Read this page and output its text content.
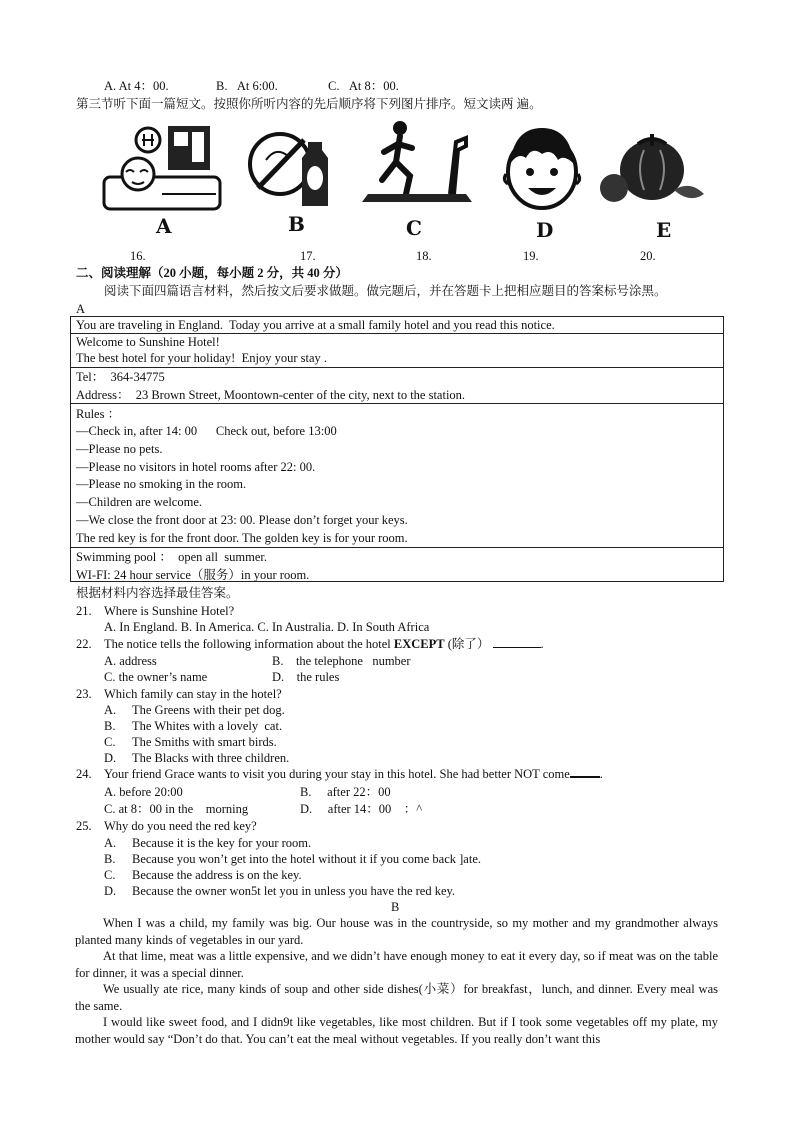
A. At 4：00.	B.   At 6:00.	C.   At 8：00.
第三节听下面一篇短文。按照你所听内容的先后顺序将下列图片排序。短文读两 遍。
A
16.
B
17.
C
18.
D
19.
E
20.
二、阅读理解（20 小题，每小题 2 分，共 40 分）
阅读下面四篇语言材料，然后按文后要求做题。做完题后，并在答题卡上把相应题目的答案标号涂黑。
A
You are traveling in England.  Today you arrive at a small family hotel and you read this notice.
Welcome to Sunshine Hotel!
The best hotel for your holiday!  Enjoy your stay .
Tel：  364-34775
Address：  23 Brown Street, Moontown-center of the city, next to the station.
Rules ：
—Check in, after 14: 00      Check out, before 13:00
—Please no pets.
—Please no visitors in hotel rooms after 22: 00.
—Please no smoking in the room.
—Children are welcome.
—We close the front door at 23: 00. Please don’t forget your keys.
The red key is for the front door. The golden key is for your room.
Swimming pool ：  open all  summer.
WI-FI: 24 hour service（服务）in your room.
根据材料内容选择最佳答案。
21. Where is Sunshine Hotel?
A. In England. B. In America. C. In Australia. D. In South Africa
22. The notice tells the following information about the hotel EXCEPT (除了）	.
A. address	B.    the telephone   number
C. the owner’s name	D.    the rules
23. Which family can stay in the hotel?
A. The Greens with their pet dog.
B. The Whites with a lovely  cat.
C. The Smiths with smart birds.
D. The Blacks with three children.
24. Your friend Grace wants to visit you during your stay in this hotel. She had better NOT come .
A. before 20:00	B.     after 22：00
C. at 8：00 in the    morning	D.     after 14：00    ：^
25. Why do you need the red key?
A. Because it is the key for your room.
B. Because you won’t get into the hotel without it if you come back ]ate.
C. Because the address is on the key.
D. Because the owner won5t let you in unless you have the red key.
B

When I was a child, my family was big. Our house was in the countryside, so my mother and my grandmother always planted many kinds of vegetables in our yard.

At that lime, meat was a little expensive, and we didn’t have enough money to eat it every day, so if meat was on the table for dinner, it was a special dinner.

We usually ate rice, many kinds of soup and other side dishes(小菜）for breakfast，lunch, and dinner. Every meal was the same.

I would like sweet food, and I didn9t like vegetables, like most children. But if I took some vegetables off my plate, my mother would say “Don’t do that. You can’t eat the meal without vegetables. If you really don’t want this
